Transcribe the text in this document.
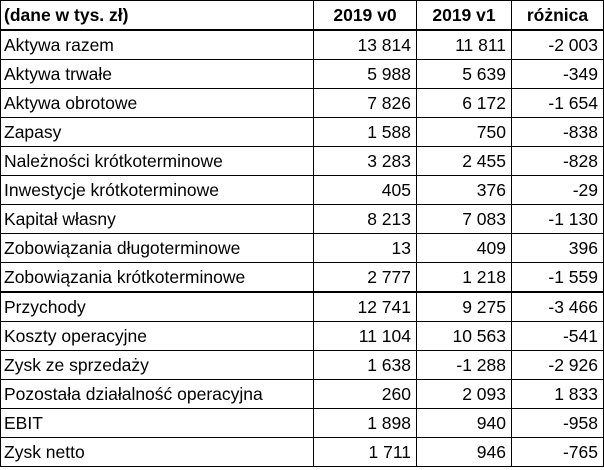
(dane w tys. zł)	2019 v0	2019 v1	różnica
Aktywa razem	13 814	11 811	-2 003
Aktywa trwałe	5 988	5 639	-349
Aktywa obrotowe	7 826	6 172	-1 654
Zapasy	1 588	750	-838
Należności krótkoterminowe	3 283	2 455	-828
Inwestycje krótkoterminowe	405	376	-29
Kapitał własny	8 213	7 083	-1 130
Zobowiązania długoterminowe	13	409	396
Zobowiązania krótkoterminowe	2 777	1 218	-1 559
Przychody	12 741	9 275	-3 466
Koszty operacyjne	11 104	10 563	-541
Zysk ze sprzedaży	1 638	-1 288	-2 926
Pozostała działalność operacyjna	260	2 093	1 833
EBIT	1 898	940	-958
Zysk netto	1 711	946	-765
